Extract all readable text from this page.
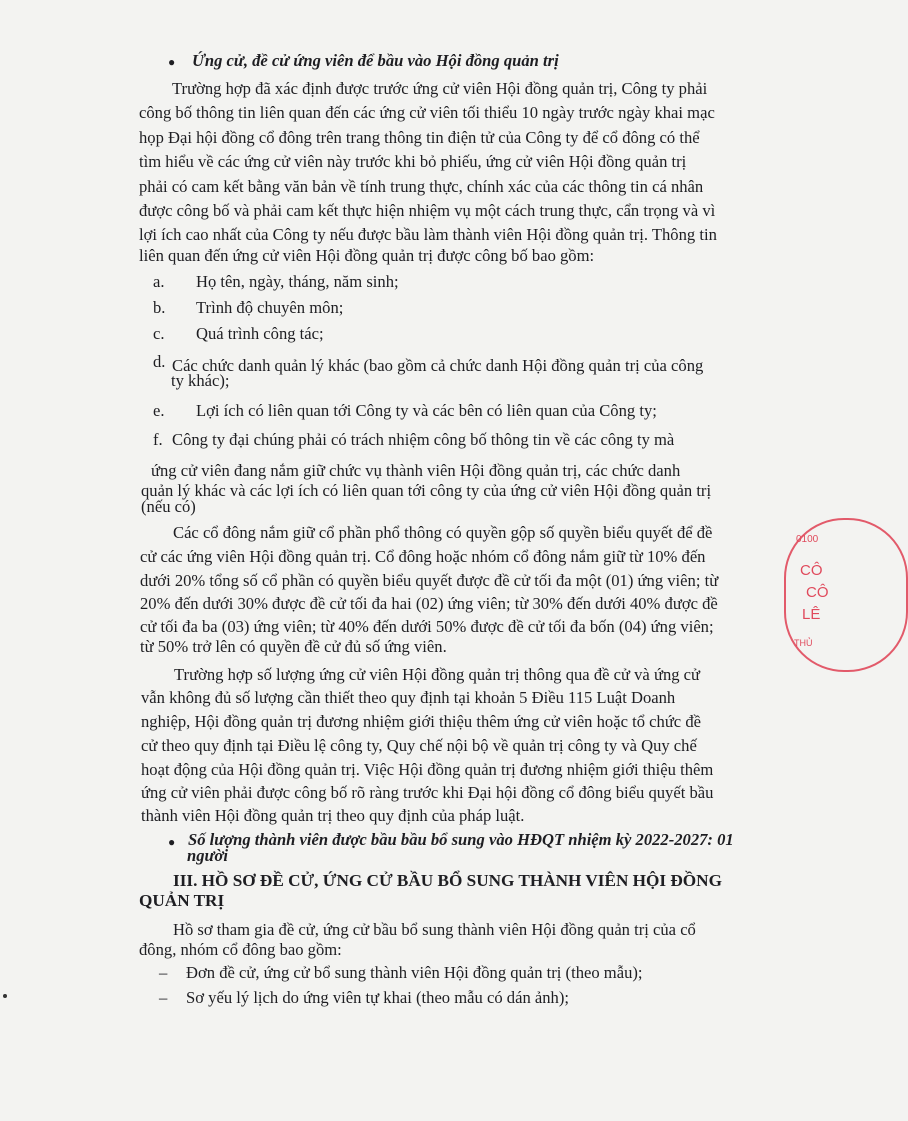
● Ứng cử, đề cử ứng viên để bầu vào Hội đồng quản trị
Trường hợp đã xác định được trước ứng cử viên Hội đồng quản trị, Công ty phải
công bố thông tin liên quan đến các ứng cử viên tối thiểu 10 ngày trước ngày khai mạc
họp Đại hội đồng cổ đông trên trang thông tin điện tử của Công ty để cổ đông có thể
tìm hiểu về các ứng cử viên này trước khi bỏ phiếu, ứng cử viên Hội đồng quản trị
phải có cam kết bằng văn bản về tính trung thực, chính xác của các thông tin cá nhân
được công bố và phải cam kết thực hiện nhiệm vụ một cách trung thực, cẩn trọng và vì
lợi ích cao nhất của Công ty nếu được bầu làm thành viên Hội đồng quản trị. Thông tin
liên quan đến ứng cử viên Hội đồng quản trị được công bố bao gồm:
a. Họ tên, ngày, tháng, năm sinh;
b. Trình độ chuyên môn;
c. Quá trình công tác;
d. Các chức danh quản lý khác (bao gồm cả chức danh Hội đồng quản trị của công
ty khác);
e. Lợi ích có liên quan tới Công ty và các bên có liên quan của Công ty;
f. Công ty đại chúng phải có trách nhiệm công bố thông tin về các công ty mà
ứng cử viên đang nắm giữ chức vụ thành viên Hội đồng quản trị, các chức danh
quản lý khác và các lợi ích có liên quan tới công ty của ứng cử viên Hội đồng quản trị
(nếu có)
Các cổ đông nắm giữ cổ phần phổ thông có quyền gộp số quyền biểu quyết để đề
cử các ứng viên Hội đồng quản trị. Cổ đông hoặc nhóm cổ đông nắm giữ từ 10% đến
dưới 20% tổng số cổ phần có quyền biểu quyết được đề cử tối đa một (01) ứng viên; từ
20% đến dưới 30% được đề cử tối đa hai (02) ứng viên; từ 30% đến dưới 40% được đề
cử tối đa ba (03) ứng viên; từ 40% đến dưới 50% được đề cử tối đa bốn (04) ứng viên;
từ 50% trở lên có quyền đề cử đủ số ứng viên.
Trường hợp số lượng ứng cử viên Hội đồng quản trị thông qua đề cử và ứng cử
vẫn không đủ số lượng cần thiết theo quy định tại khoản 5 Điều 115 Luật Doanh
nghiệp, Hội đồng quản trị đương nhiệm giới thiệu thêm ứng cử viên hoặc tổ chức đề
cử theo quy định tại Điều lệ công ty, Quy chế nội bộ về quản trị công ty và Quy chế
hoạt động của Hội đồng quản trị. Việc Hội đồng quản trị đương nhiệm giới thiệu thêm
ứng cử viên phải được công bố rõ ràng trước khi Đại hội đồng cổ đông biểu quyết bầu
thành viên Hội đồng quản trị theo quy định của pháp luật.
● Số lượng thành viên được bầu bầu bổ sung vào HĐQT nhiệm kỳ 2022-2027: 01
người
III. HỒ SƠ ĐỀ CỬ, ỨNG CỬ BẦU BỔ SUNG THÀNH VIÊN HỘI ĐỒNG
QUẢN TRỊ
Hồ sơ tham gia đề cử, ứng cử bầu bổ sung thành viên Hội đồng quản trị của cổ
đông, nhóm cổ đông bao gồm:
– Đơn đề cử, ứng cử bổ sung thành viên Hội đồng quản trị (theo mẫu);
– Sơ yếu lý lịch do ứng viên tự khai (theo mẫu có dán ảnh);
0100
CÔ
CÔ
LÊ
THỦ
